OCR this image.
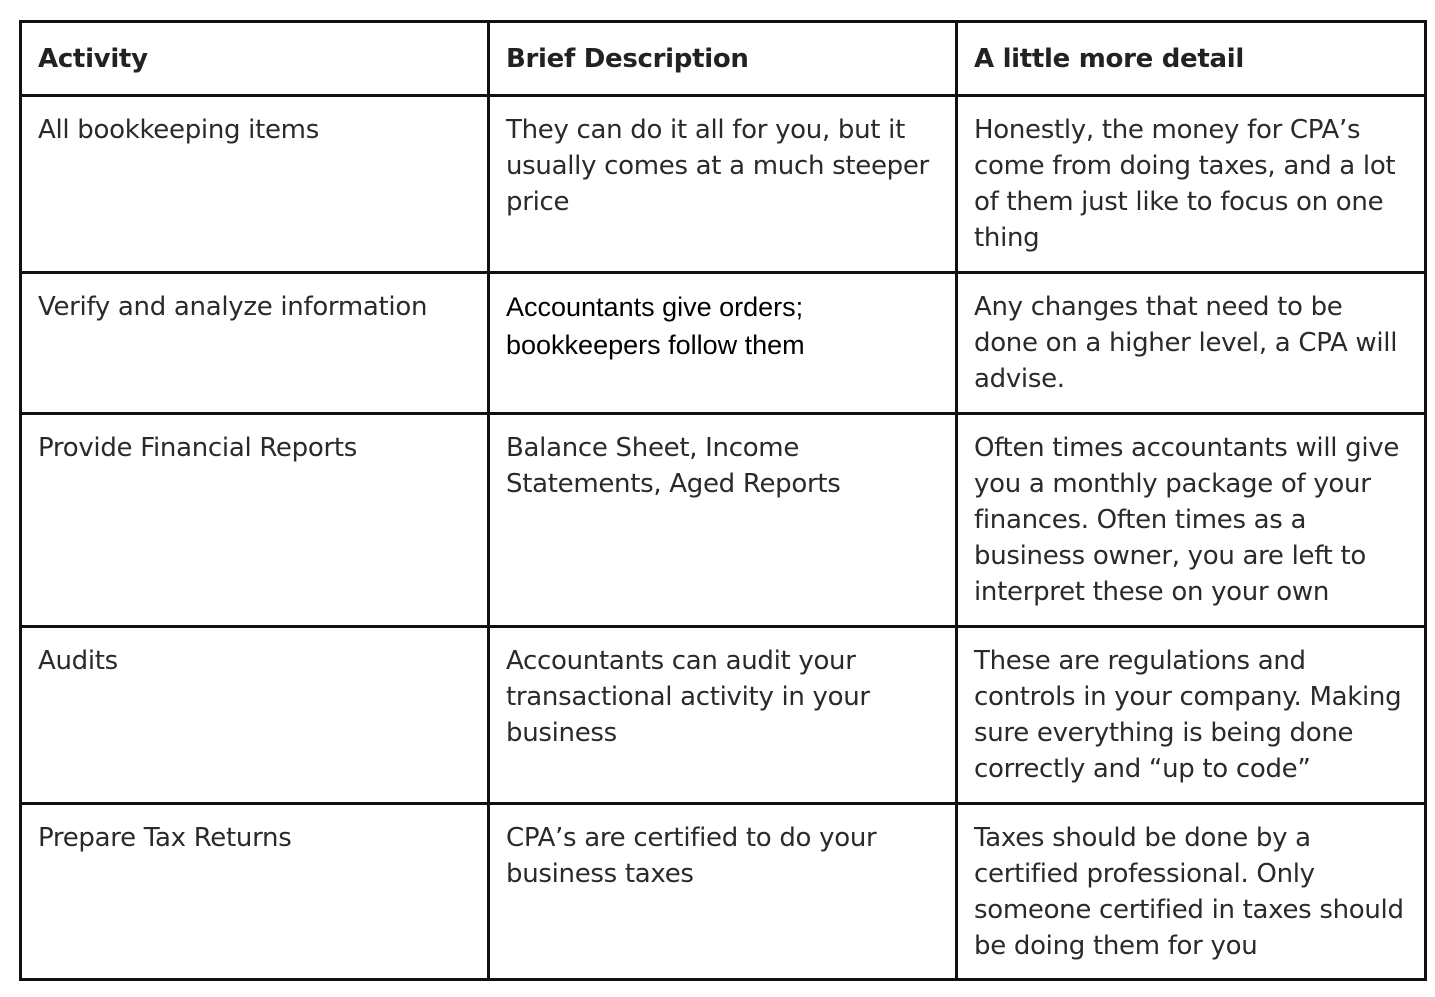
Activity	Brief Description	A little more detail
All bookkeeping items	They can do it all for you, but it usually comes at a much steeper price	Honestly, the money for CPA’s come from doing taxes, and a lot of them just like to focus on one thing
Verify and analyze information	Accountants give orders; bookkeepers follow them	Any changes that need to be done on a higher level, a CPA will advise.
Provide Financial Reports	Balance Sheet, Income Statements, Aged Reports	Often times accountants will give you a monthly package of your finances. Often times as a business owner, you are left to interpret these on your own
Audits	Accountants can audit your transactional activity in your business	These are regulations and controls in your company. Making sure everything is being done correctly and “up to code”
Prepare Tax Returns	CPA’s are certified to do your business taxes	Taxes should be done by a certified professional. Only someone certified in taxes should be doing them for you
